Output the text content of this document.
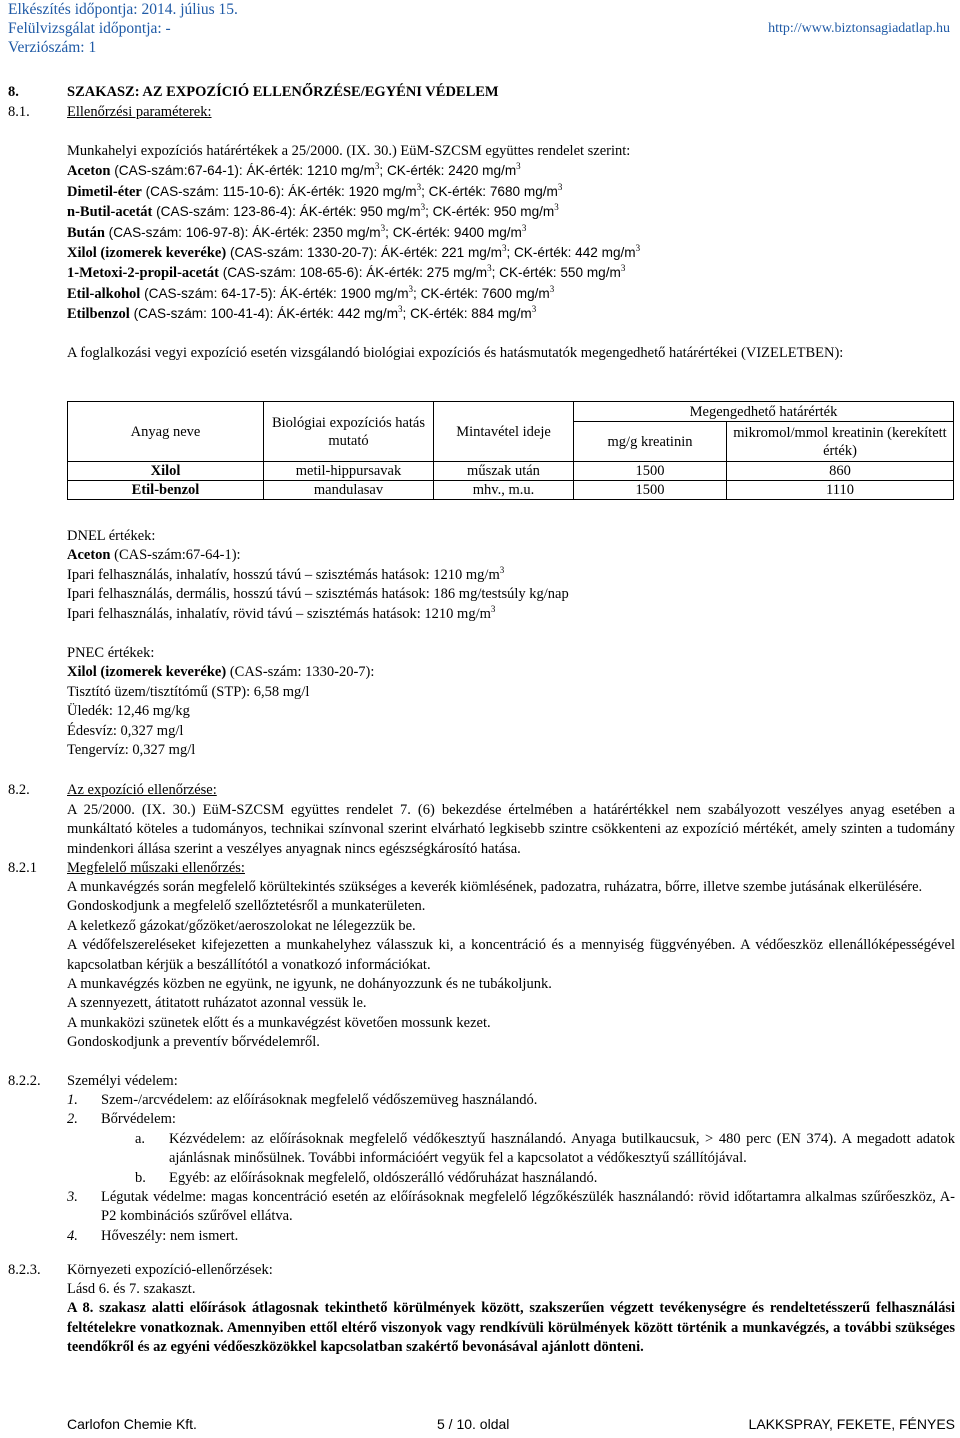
Elkészítés időpontja: 2014. július 15.
Felülvizsgálat időpontja: -
Verziószám: 1
http://www.biztonsagiadatlap.hu
8.	SZAKASZ: AZ EXPOZÍCIÓ ELLENŐRZÉSE/EGYÉNI VÉDELEM
8.1.	Ellenőrzési paraméterek:

Munkahelyi expozíciós határértékek a 25/2000. (IX. 30.) EüM-SZCSM együttes rendelet szerint:

Aceton (CAS-szám:67-64-1): ÁK-érték: 1210 $mg/m^3$; CK-érték: 2420 $mg/m^3$

Dimetil-éter (CAS-szám: 115-10-6): ÁK-érték: 1920 $mg/m^3$; CK-érték: 7680 $mg/m^3$

n-Butil-acetát (CAS-szám: 123-86-4): ÁK-érték: 950 $mg/m^3$; CK-érték: 950 $mg/m^3$

Bután (CAS-szám: 106-97-8): ÁK-érték: 2350 $mg/m^3$; CK-érték: 9400 $mg/m^3$

Xilol (izomerek keveréke) (CAS-szám: 1330-20-7): ÁK-érték: 221 $mg/m^3$; CK-érték: 442 $mg/m^3$

1-Metoxi-2-propil-acetát (CAS-szám: 108-65-6): ÁK-érték: 275 $mg/m^3$; CK-érték: 550 $mg/m^3$

Etil-alkohol (CAS-szám: 64-17-5): ÁK-érték: 1900 $mg/m^3$; CK-érték: 7600 $mg/m^3$

Etilbenzol (CAS-szám: 100-41-4): ÁK-érték: 442 $mg/m^3$; CK-érték: 884 $mg/m^3$

A foglalkozási vegyi expozíció esetén vizsgálandó biológiai expozíciós és hatásmutatók megengedhető határértékei (VIZELETBEN):
Anyag neve	Biológiai expozíciós hatás mutató	Mintavétel ideje	Megengedhető határérték	
			mg/g kreatinin	mikromol/mmol kreatinin (kerekített érték)
Xilol	metil-hippursavak	műszak után	1500	860
Etil-benzol	mandulasav	mhv., m.u.	1500	1110

DNEL értékek:

Aceton (CAS-szám:67-64-1):

Ipari felhasználás, inhalatív, hosszú távú – szisztémás hatások: 1210 $mg/m^3$

Ipari felhasználás, dermális, hosszú távú – szisztémás hatások: 186 mg/testsúly kg/nap

Ipari felhasználás, inhalatív, rövid távú – szisztémás hatások: 1210 $mg/m^3$

PNEC értékek:

Xilol (izomerek keveréke) (CAS-szám: 1330-20-7):

Tisztító üzem/tisztítómű (STP): 6,58 mg/l

Üledék: 12,46 mg/kg

Édesvíz: 0,327 mg/l

Tengervíz: 0,327 mg/l

8.2.	Az expozíció ellenőrzése:
A 25/2000. (IX. 30.) EüM-SZCSM együttes rendelet 7. (6) bekezdése értelmében a határértékkel nem szabályozott veszélyes anyag esetében a munkáltató köteles a tudományos, technikai színvonal szerint elvárható legkisebb szintre csökkenteni az expozíció mértékét, amely szinten a tudomány mindenkori állása szerint a veszélyes anyagnak nincs egészségkárosító hatása.
8.2.1 Megfelelő műszaki ellenőrzés:

A munkavégzés során megfelelő körültekintés szükséges a keverék kiömlésének, padozatra, ruházatra, bőrre, illetve szembe jutásának elkerülésére.

Gondoskodjunk a megfelelő szellőztetésről a munkaterületen.

A keletkező gázokat/gőzöket/aeroszolokat ne lélegezzük be.

A védőfelszereléseket kifejezetten a munkahelyhez válasszuk ki, a koncentráció és a mennyiség függvényében. A védőeszköz ellenállóképességével kapcsolatban kérjük a beszállítótól a vonatkozó információkat.

A munkavégzés közben ne együnk, ne igyunk, ne dohányozzunk és ne tubákoljunk.

A szennyezett, átitatott ruházatot azonnal vessük le.

A munkaközi szünetek előtt és a munkavégzést követően mossunk kezet.

Gondoskodjunk a preventív bőrvédelemről.

8.2.2. Személyi védelem:
1.	Szem-/arcvédelem: az előírásoknak megfelelő védőszemüveg használandó.
2.	Bőrvédelem:
a.	Kézvédelem: az előírásoknak megfelelő védőkesztyű használandó. Anyaga butilkaucsuk, > 480 perc (EN 374). A megadott adatok ajánlásnak minősülnek. További információért vegyük fel a kapcsolatot a védőkesztyű szállítójával.
b.	Egyéb: az előírásoknak megfelelő, oldószerálló védőruházat használandó.
3.	Légutak védelme: magas koncentráció esetén az előírásoknak megfelelő légzőkészülék használandó: rövid időtartamra alkalmas szűrőeszköz, A-P2 kombinációs szűrővel ellátva.
4.	Hőveszély: nem ismert.
8.2.3. Környezeti expozíció-ellenőrzések:

Lásd 6. és 7. szakaszt.

A 8. szakasz alatti előírások átlagosnak tekinthető körülmények között, szakszerűen végzett tevékenységre és rendeltetésszerű felhasználási feltételekre vonatkoznak. Amennyiben ettől eltérő viszonyok vagy rendkívüli körülmények között történik a munkavégzés, a további szükséges teendőkről és az egyéni védőeszközökkel kapcsolatban szakértő bevonásával ajánlott dönteni.

Carlofon Chemie Kft.	5 / 10. oldal	LAKKSPRAY, FEKETE, FÉNYES
